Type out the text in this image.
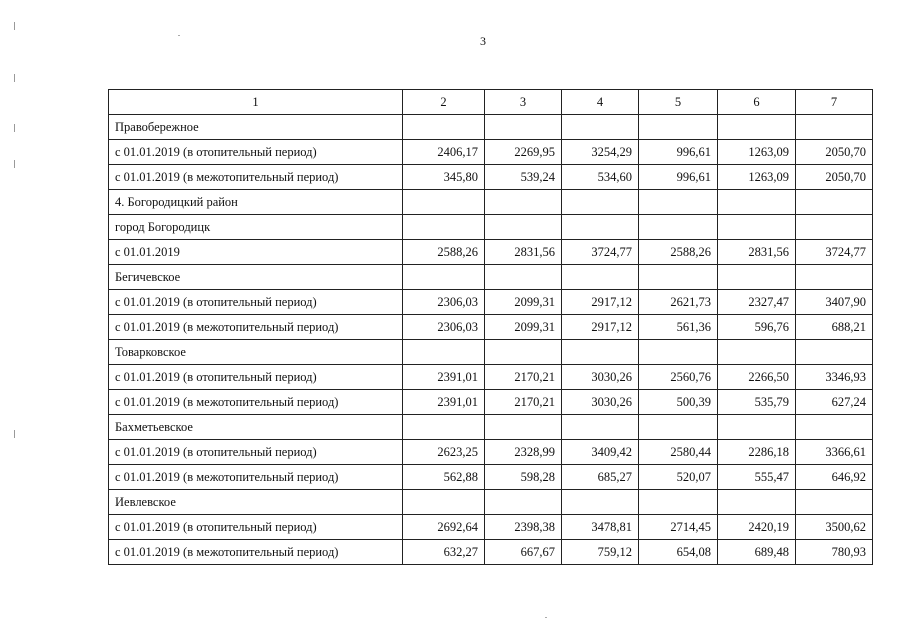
3
1	2	3	4	5	6	7
Правобережное						
с 01.01.2019 (в отопительный период)	2406,17	2269,95	3254,29	996,61	1263,09	2050,70
с 01.01.2019 (в межотопительный период)	345,80	539,24	534,60	996,61	1263,09	2050,70
4. Богородицкий район						
город Богородицк						
с 01.01.2019	2588,26	2831,56	3724,77	2588,26	2831,56	3724,77
Бегичевское						
с 01.01.2019 (в отопительный период)	2306,03	2099,31	2917,12	2621,73	2327,47	3407,90
с 01.01.2019 (в межотопительный период)	2306,03	2099,31	2917,12	561,36	596,76	688,21
Товарковское						
с 01.01.2019 (в отопительный период)	2391,01	2170,21	3030,26	2560,76	2266,50	3346,93
с 01.01.2019 (в межотопительный период)	2391,01	2170,21	3030,26	500,39	535,79	627,24
Бахметьевское						
с 01.01.2019 (в отопительный период)	2623,25	2328,99	3409,42	2580,44	2286,18	3366,61
с 01.01.2019 (в межотопительный период)	562,88	598,28	685,27	520,07	555,47	646,92
Иевлевское						
с 01.01.2019 (в отопительный период)	2692,64	2398,38	3478,81	2714,45	2420,19	3500,62
с 01.01.2019 (в межотопительный период)	632,27	667,67	759,12	654,08	689,48	780,93
